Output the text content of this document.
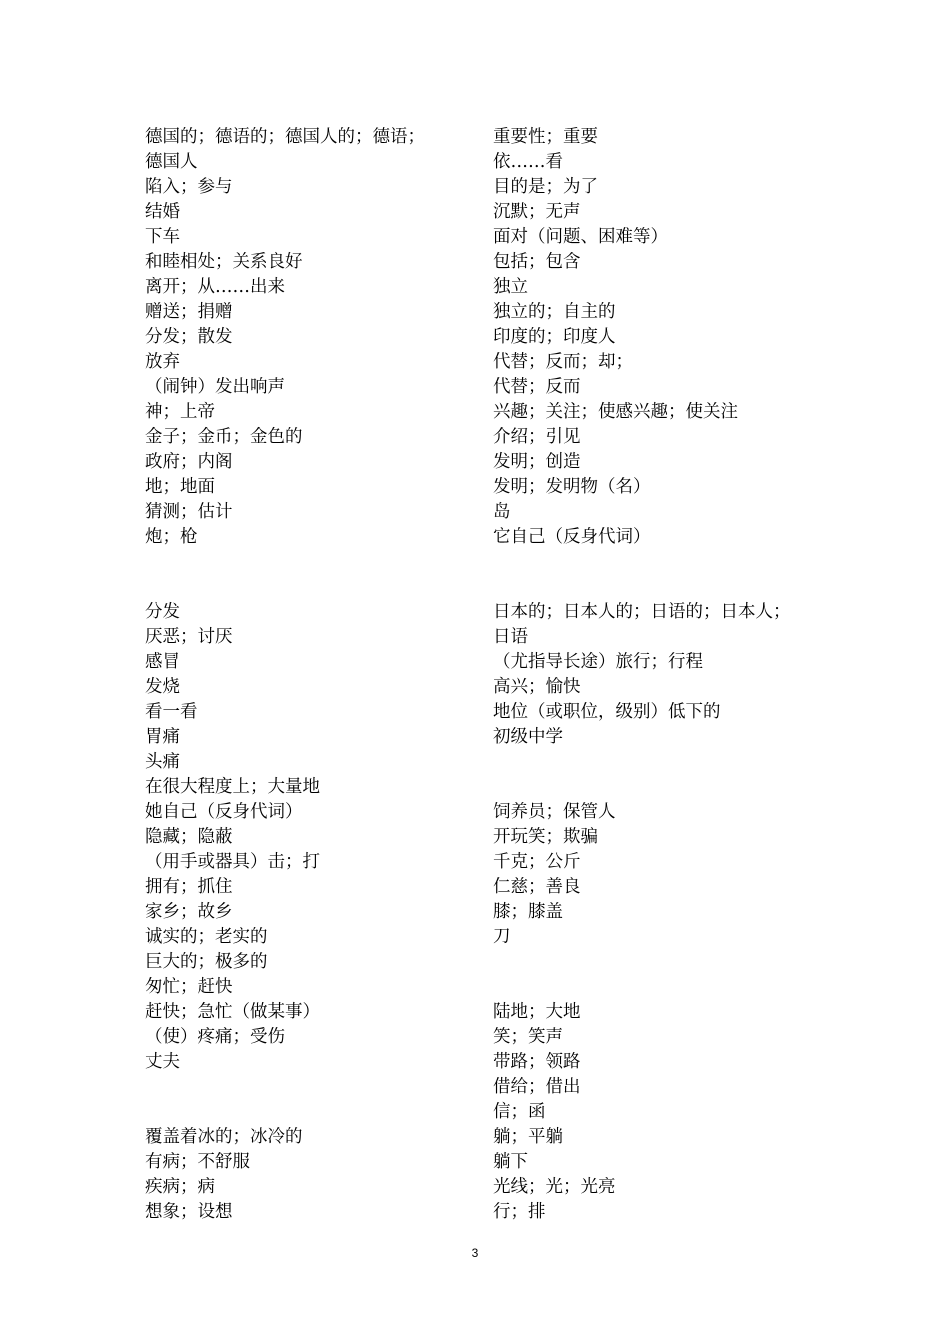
德国的；德语的；德国人的；德语；
德国人
陷入；参与
结婚
下车
和睦相处；关系良好
离开；从……出来
赠送；捐赠
分发；散发
放弃
（闹钟）发出响声
神；上帝
金子；金币；金色的
政府；内阁
地；地面
猜测；估计
炮；枪
分发
厌恶；讨厌
感冒
发烧
看一看
胃痛
头痛
在很大程度上；大量地
她自己（反身代词）
隐藏；隐蔽
（用手或器具）击；打
拥有；抓住
家乡；故乡
诚实的；老实的
巨大的；极多的
匆忙；赶快
赶快；急忙（做某事）
（使）疼痛；受伤
丈夫
覆盖着冰的；冰冷的
有病；不舒服
疾病；病
想象；设想
重要性；重要
依……看
目的是；为了
沉默；无声
面对（问题、困难等）
包括；包含
独立
独立的；自主的
印度的；印度人
代替；反而；却；
代替；反而
兴趣；关注；使感兴趣；使关注
介绍；引见
发明；创造
发明；发明物（名）
岛
它自己（反身代词）
日本的；日本人的；日语的；日本人；
日语
（尤指导长途）旅行；行程
高兴；愉快
地位（或职位，级别）低下的
初级中学
饲养员；保管人
开玩笑；欺骗
千克；公斤
仁慈；善良
膝；膝盖
刀
陆地；大地
笑；笑声
带路；领路
借给；借出
信；函
躺；平躺
躺下
光线；光；光亮
行；排
3
